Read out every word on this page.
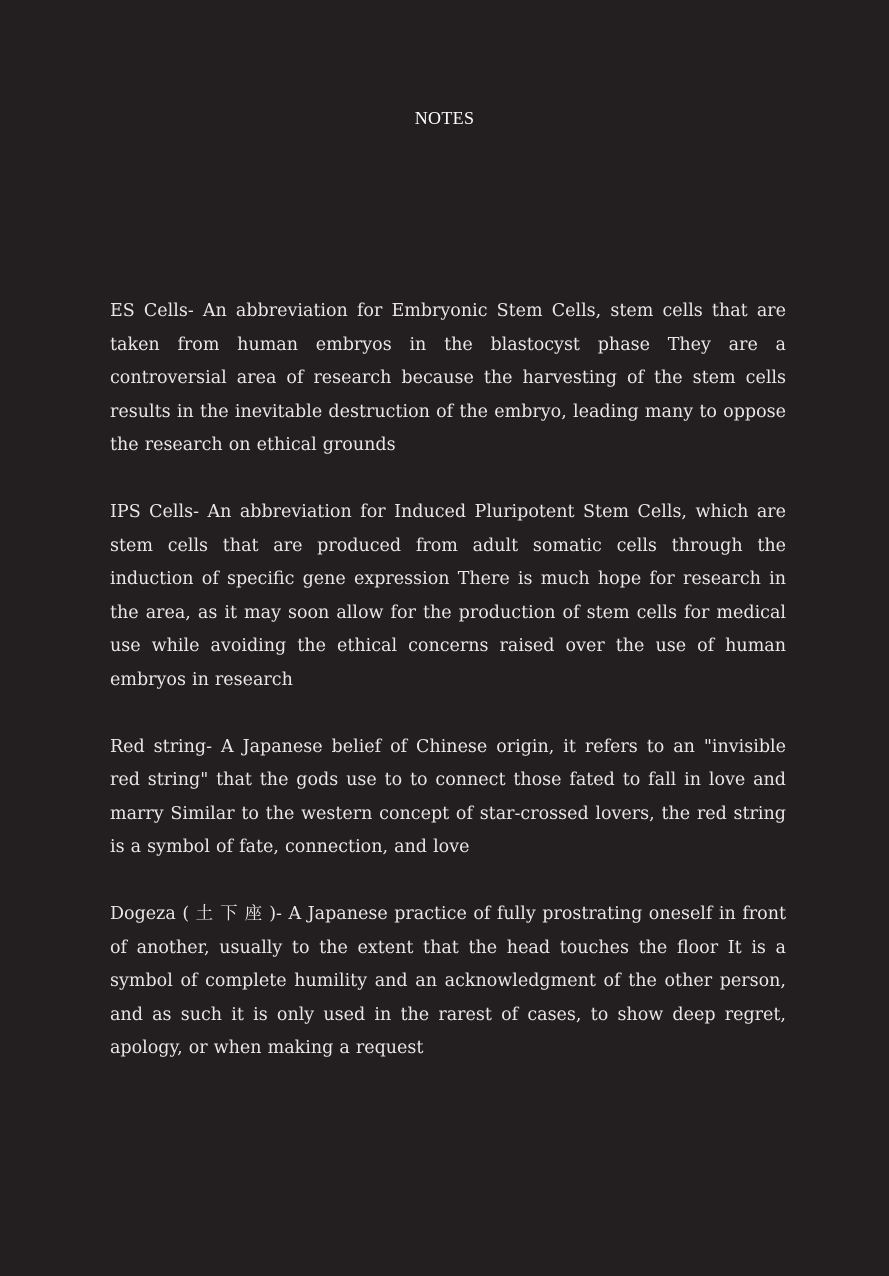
NOTES

ES Cells- An abbreviation for Embryonic Stem Cells, stem cells that are taken from human embryos in the blastocyst phase They are a controversial area of research because the harvesting of the stem cells results in the inevitable destruction of the embryo, leading many to oppose the research on ethical grounds

IPS Cells- An abbreviation for Induced Pluripotent Stem Cells, which are stem cells that are produced from adult somatic cells through the induction of specific gene expression There is much hope for research in the area, as it may soon allow for the production of stem cells for medical use while avoiding the ethical concerns raised over the use of human embryos in research

Red string- A Japanese belief of Chinese origin, it refers to an "invisible red string" that the gods use to to connect those fated to fall in love and marry Similar to the western concept of star-crossed lovers, the red string is a symbol of fate, connection, and love

Dogeza ( 土 下 座 )- A Japanese practice of fully prostrating oneself in front of another, usually to the extent that the head touches the floor It is a symbol of complete humility and an acknowledgment of the other person, and as such it is only used in the rarest of cases, to show deep regret, apology, or when making a request
